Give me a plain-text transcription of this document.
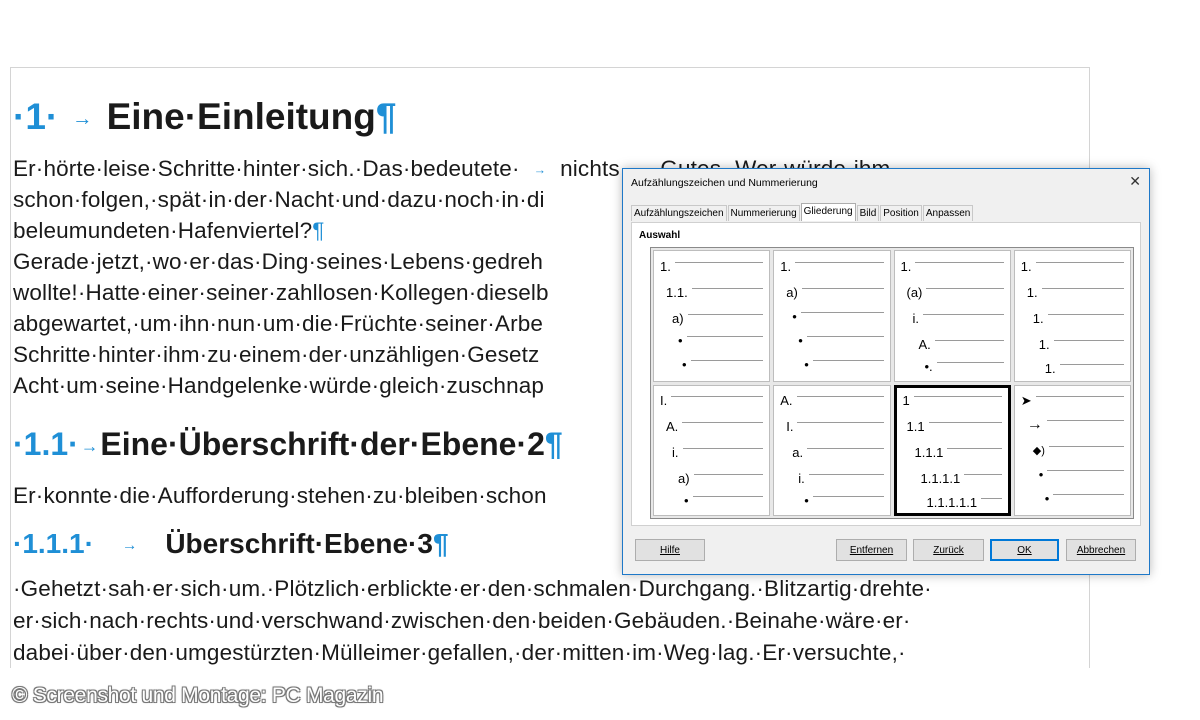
·1· → Eine·Einleitung¶
Er·hörte·leise·Schritte·hinter·sich.·Das·bedeutete· → nichts
schon·folgen,·spät·in·der·Nacht·und·dazu·noch·in·di
beleumundeten·Hafenviertel?¶
Gerade·jetzt,·wo·er·das·Ding·seines·Lebens·gedreh
wollte!·Hatte·einer·seiner·zahllosen·Kollegen·dieselb
abgewartet,·um·ihn·nun·um·die·Früchte·seiner·Arbe
Schritte·hinter·ihm·zu·einem·der·unzähligen·Gesetz
Acht·um·seine·Handgelenke·würde·gleich·zuschnap
·1.1· →Eine·Überschrift·der·Ebene·2¶
Er·konnte·die·Aufforderung·stehen·zu·bleiben·schon
·1.1.1· → Überschrift·Ebene·3¶
·Gehetzt·sah·er·sich·um.·Plötzlich·erblickte·er·den·schmalen·Durchgang.·Blitzartig·drehte·
er·sich·nach·rechts·und·verschwand·zwischen·den·beiden·Gebäuden.·Beinahe·wäre·er·
dabei·über·den·umgestürzten·Mülleimer·gefallen,·der·mitten·im·Weg·lag.·Er·versuchte,·
© Screenshot und Montage: PC Magazin
Aufzählungszeichen und Nummerierung	✕
Aufzählungszeichen Nummerierung Gliederung Bild Position Anpassen
Auswahl
1.
1.1.
a)
•
•
1.
a)
•
•
•
1.
(a)
i.
A.
•.
1.
1.
1.
1.
1.
I.
A.
i.
a)
•
A.
I.
a.
i.
•
1
1.1
1.1.1
1.1.1.1
1.1.1.1.1
➤
→
◆)
•
•
Hilfe	Entfernen	Zurück	OK	Abbrechen
